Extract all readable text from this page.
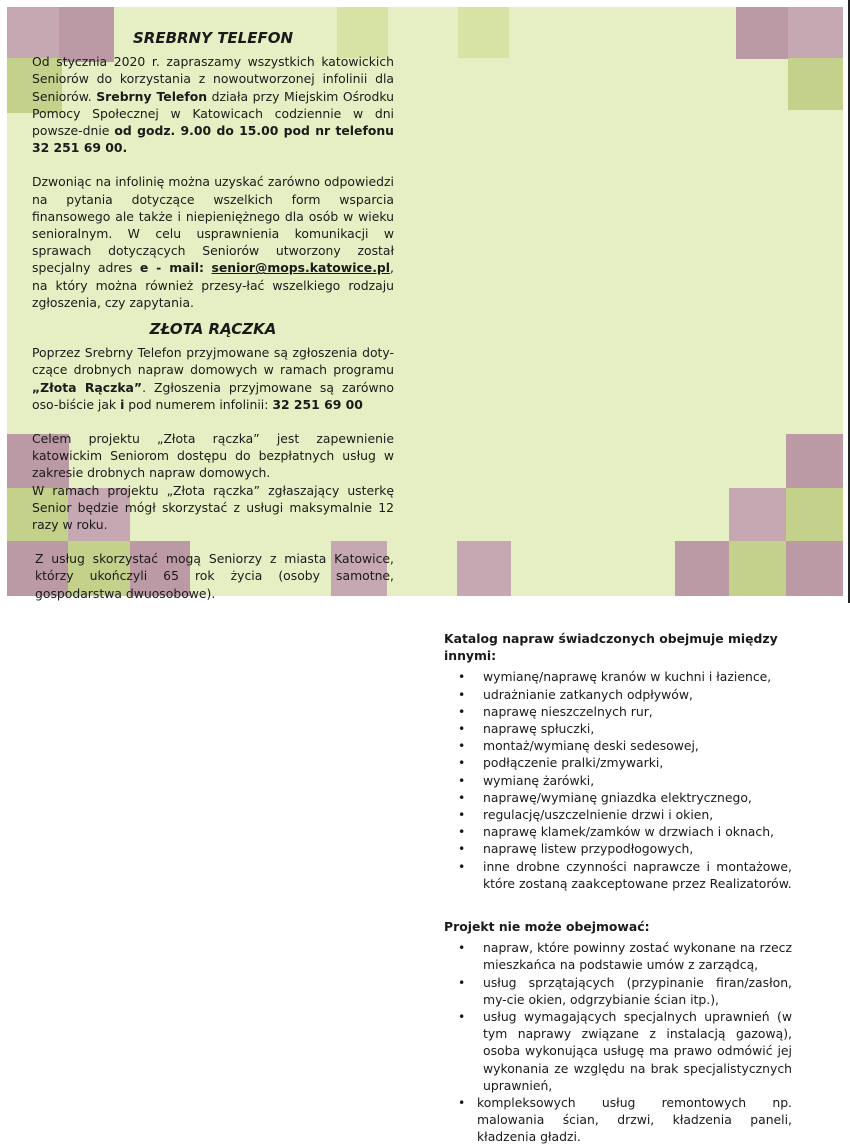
SREBRNY TELEFON

Od stycznia 2020 r. zapraszamy wszystkich katowickich Seniorów do korzystania z nowoutworzonej infolinii dla Seniorów. Srebrny Telefon działa przy Miejskim Ośrodku Pomocy Społecznej w Katowicach codziennie w dni powsze-dnie od godz. 9.00 do 15.00 pod nr telefonu 32 251 69 00.

Dzwoniąc na infolinię można uzyskać zarówno odpowiedzi na pytania dotyczące wszelkich form wsparcia finansowego ale także i niepieniężnego dla osób w wieku senioralnym. W celu usprawnienia komunikacji w sprawach dotyczących Seniorów utworzony został specjalny adres e - mail: senior@mops.katowice.pl, na który można również przesy-łać wszelkiego rodzaju zgłoszenia, czy zapytania.

ZŁOTA RĄCZKA

Poprzez Srebrny Telefon przyjmowane są zgłoszenia doty-czące drobnych napraw domowych w ramach programu „Złota Rączka”. Zgłoszenia przyjmowane są zarówno oso-biście jak i pod numerem infolinii: 32 251 69 00

Celem projektu „Złota rączka” jest zapewnienie katowickim Seniorom dostępu do bezpłatnych usług w zakresie drobnych napraw domowych.

W ramach projektu „Złota rączka” zgłaszający usterkę Senior będzie mógł skorzystać z usługi maksymalnie 12 razy w roku.

Z usług skorzystać mogą Seniorzy z miasta Katowice, którzy ukończyli 65 rok życia (osoby samotne, gospodarstwa dwuosobowe).

Katalog napraw świadczonych obejmuje między innymi:
• wymianę/naprawę kranów w kuchni i łazience,
• udrażnianie zatkanych odpływów,
• naprawę nieszczelnych rur,
• naprawę spłuczki,
• montaż/wymianę deski sedesowej,
• podłączenie pralki/zmywarki,
• wymianę żarówki,
• naprawę/wymianę gniazdka elektrycznego,
• regulację/uszczelnienie drzwi i okien,
• naprawę klamek/zamków w drzwiach i oknach,
• naprawę listew przypodłogowych,
• inne drobne czynności naprawcze i montażowe, które zostaną zaakceptowane przez Realizatorów.
Projekt nie może obejmować:
• napraw, które powinny zostać wykonane na rzecz mieszkańca na podstawie umów z zarządcą,
• usług sprzątających (przypinanie firan/zasłon, my-cie okien, odgrzybianie ścian itp.),
• usług wymagających specjalnych uprawnień (w tym naprawy związane z instalacją gazową), osoba wykonująca usługę ma prawo odmówić jej wykonania ze względu na brak specjalistycznych uprawnień,
• kompleksowych usług remontowych np. malowania ścian, drzwi, kładzenia paneli, kładzenia gładzi.
